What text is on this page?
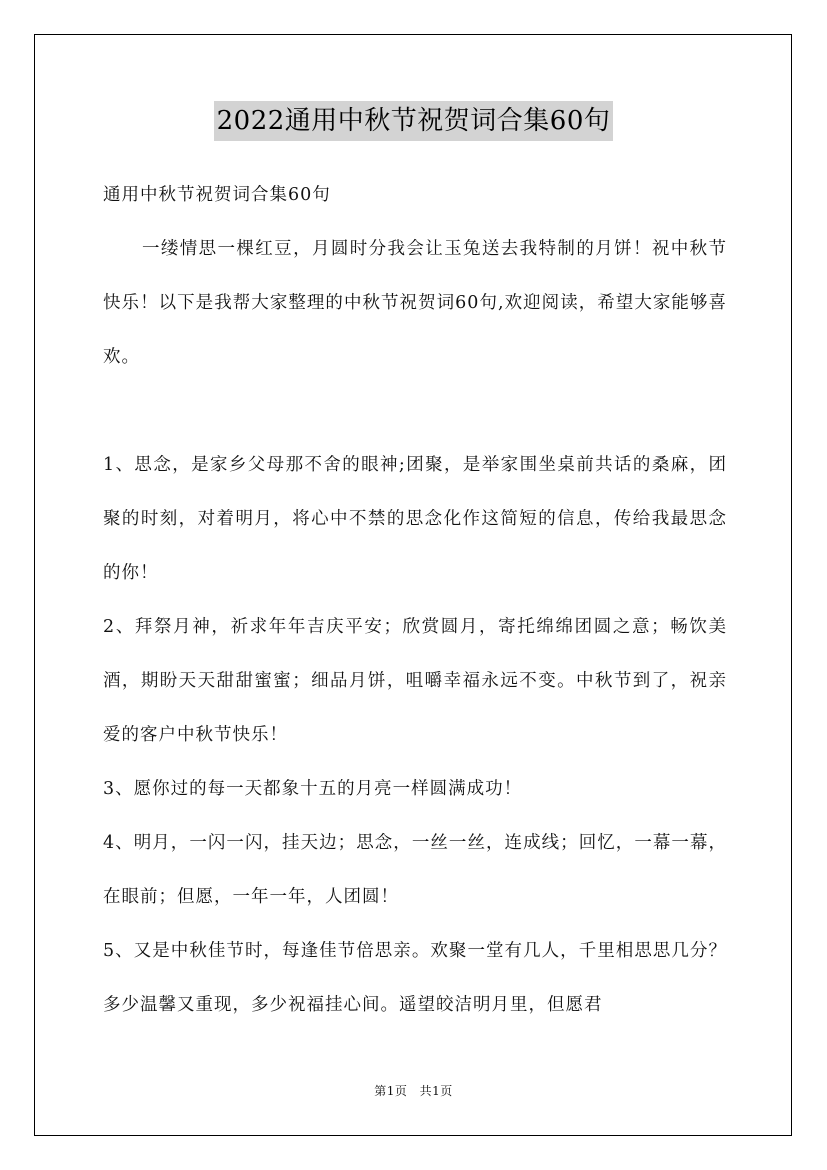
2022通用中秋节祝贺词合集60句

通用中秋节祝贺词合集60句

一缕情思一棵红豆，月圆时分我会让玉兔送去我特制的月饼！祝中秋节快乐！以下是我帮大家整理的中秋节祝贺词60句,欢迎阅读，希望大家能够喜欢。

1、思念，是家乡父母那不舍的眼神;团聚，是举家围坐桌前共话的桑麻，团聚的时刻，对着明月，将心中不禁的思念化作这简短的信息，传给我最思念的你！

2、拜祭月神，祈求年年吉庆平安；欣赏圆月，寄托绵绵团圆之意；畅饮美酒，期盼天天甜甜蜜蜜；细品月饼，咀嚼幸福永远不变。中秋节到了，祝亲爱的客户中秋节快乐！

3、愿你过的每一天都象十五的月亮一样圆满成功！

4、明月，一闪一闪，挂天边；思念，一丝一丝，连成线；回忆，一幕一幕，在眼前；但愿，一年一年，人团圆！

5、又是中秋佳节时，每逢佳节倍思亲。欢聚一堂有几人，千里相思思几分？多少温馨又重现，多少祝福挂心间。遥望皎洁明月里，但愿君

第1页 共1页
